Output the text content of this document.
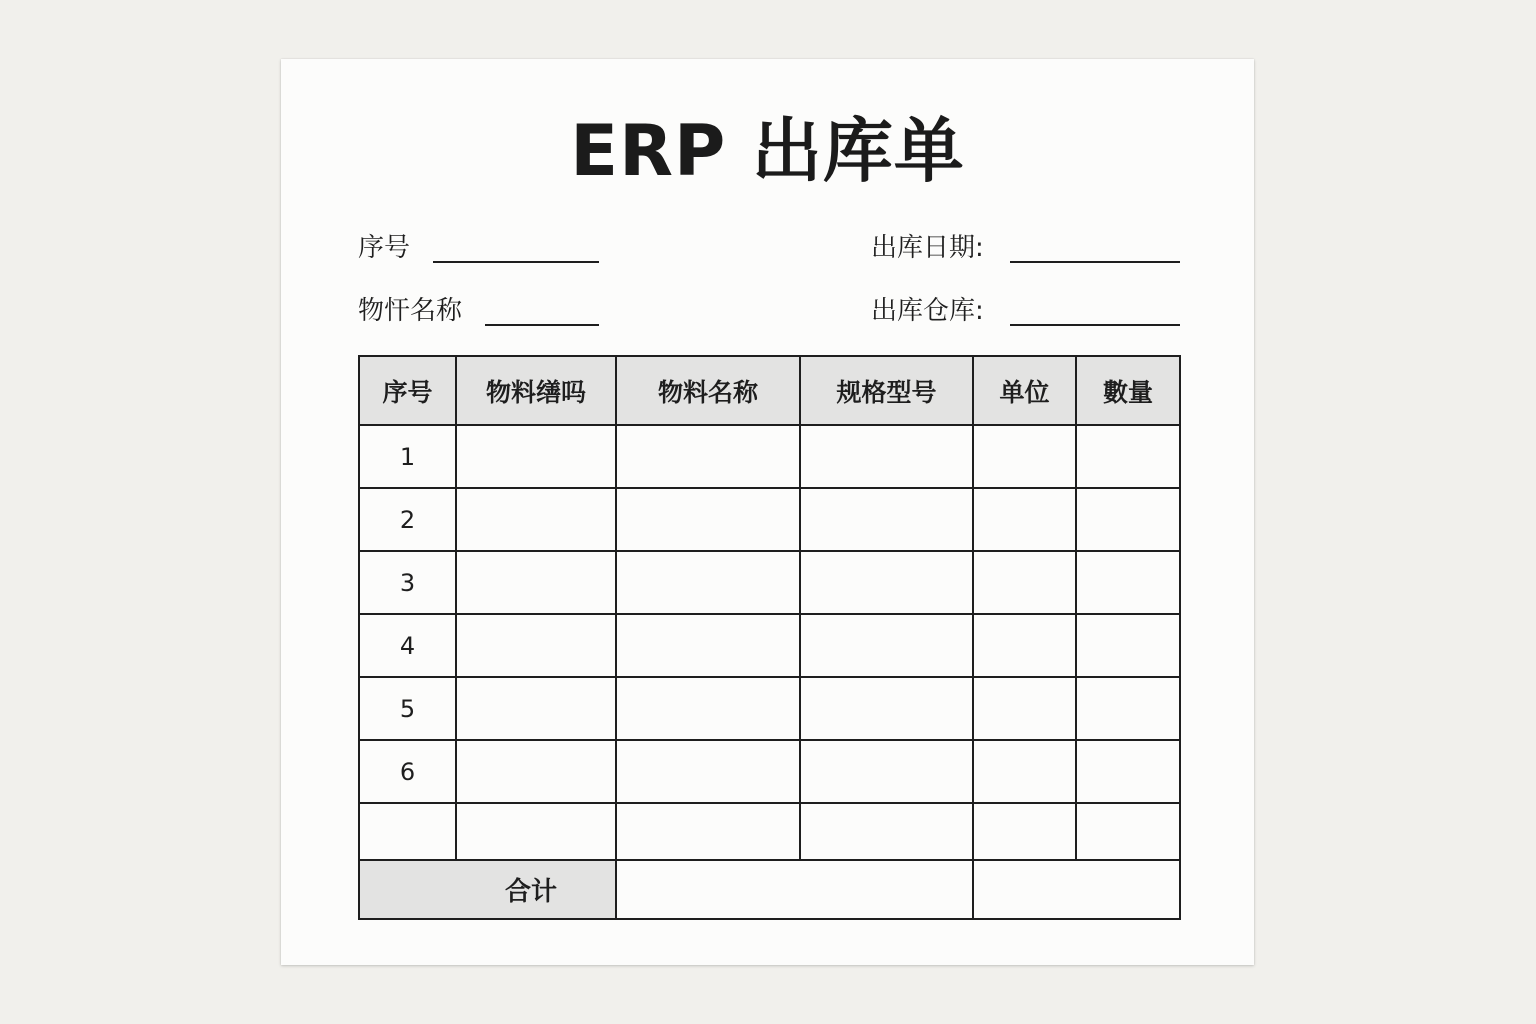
ERP 出库单
序号	出库日期:
物忓名称	出库仓库:
序号	物料缮吗	物料名称	规格型号	单位	數量
1					
2					
3					
4					
5					
6					

合计					
